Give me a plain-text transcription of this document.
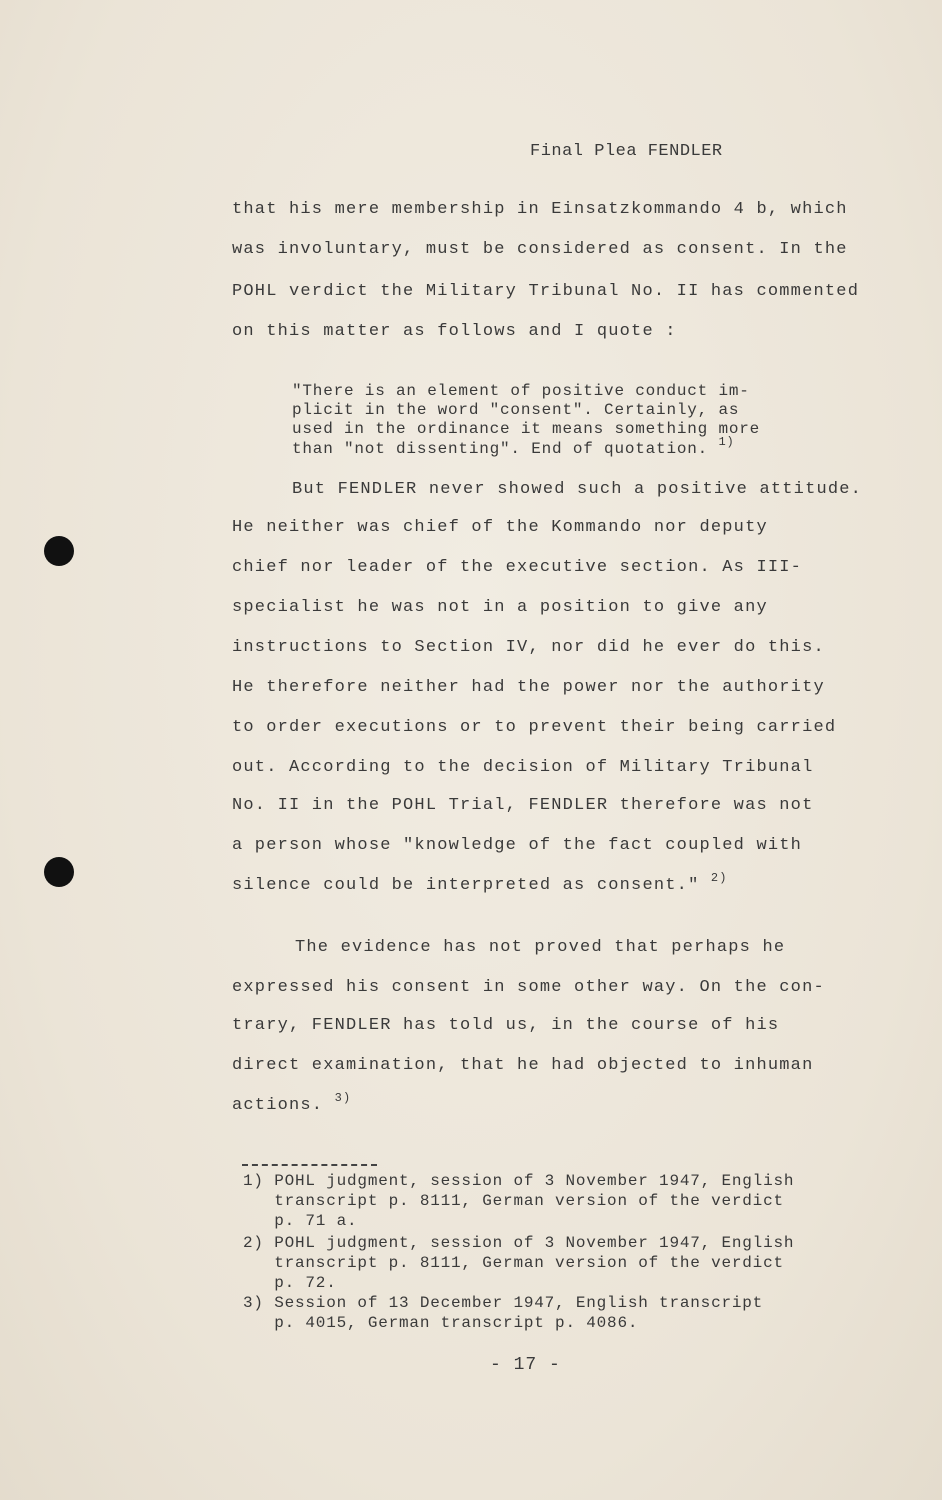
Final Plea FENDLER
that his mere membership in Einsatzkommando 4 b, which
was involuntary, must be considered as consent. In the
POHL verdict the Military Tribunal No. II has commented
on this matter as follows and I quote :
"There is an element of positive conduct im-
plicit in the word "consent". Certainly, as
used in the ordinance it means something more
than "not dissenting". End of quotation. $^{1)}$
But FENDLER never showed such a positive attitude.
He neither was chief of the Kommando nor deputy
chief nor leader of the executive section. As III-
specialist he was not in a position to give any
instructions to Section IV, nor did he ever do this.
He therefore neither had the power nor the authority
to order executions or to prevent their being carried
out. According to the decision of Military Tribunal
No. II in the POHL Trial, FENDLER therefore was not
a person whose "knowledge of the fact coupled with
silence could be interpreted as consent." $^{2)}$
The evidence has not proved that perhaps he
expressed his consent in some other way. On the con-
trary, FENDLER has told us, in the course of his
direct examination, that he had objected to inhuman
actions. $^{3)}$
1) POHL judgment, session of 3 November 1947, English
transcript p. 8111, German version of the verdict
p. 71 a.
2) POHL judgment, session of 3 November 1947, English
transcript p. 8111, German version of the verdict
p. 72.
3) Session of 13 December 1947, English transcript
p. 4015, German transcript p. 4086.
- 17 -
